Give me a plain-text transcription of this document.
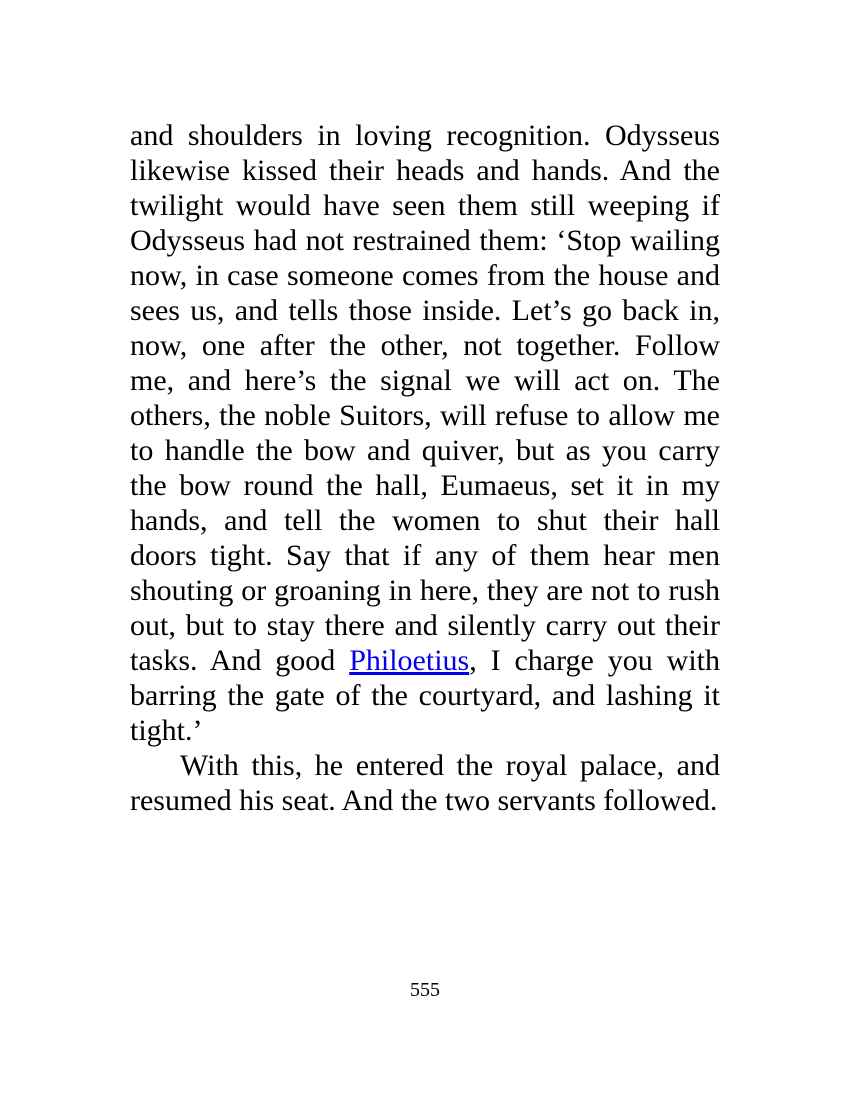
and shoulders in loving recognition. Odysseus likewise kissed their heads and hands. And the twilight would have seen them still weeping if Odysseus had not restrained them: ‘Stop wailing now, in case someone comes from the house and sees us, and tells those inside. Let’s go back in, now, one after the other, not together. Follow me, and here’s the signal we will act on. The others, the noble Suitors, will refuse to allow me to handle the bow and quiver, but as you carry the bow round the hall, Eumaeus, set it in my hands, and tell the women to shut their hall doors tight. Say that if any of them hear men shouting or groaning in here, they are not to rush out, but to stay there and silently carry out their tasks. And good Philoetius, I charge you with barring the gate of the courtyard, and lashing it tight.’

With this, he entered the royal palace, and resumed his seat. And the two servants followed.

555
